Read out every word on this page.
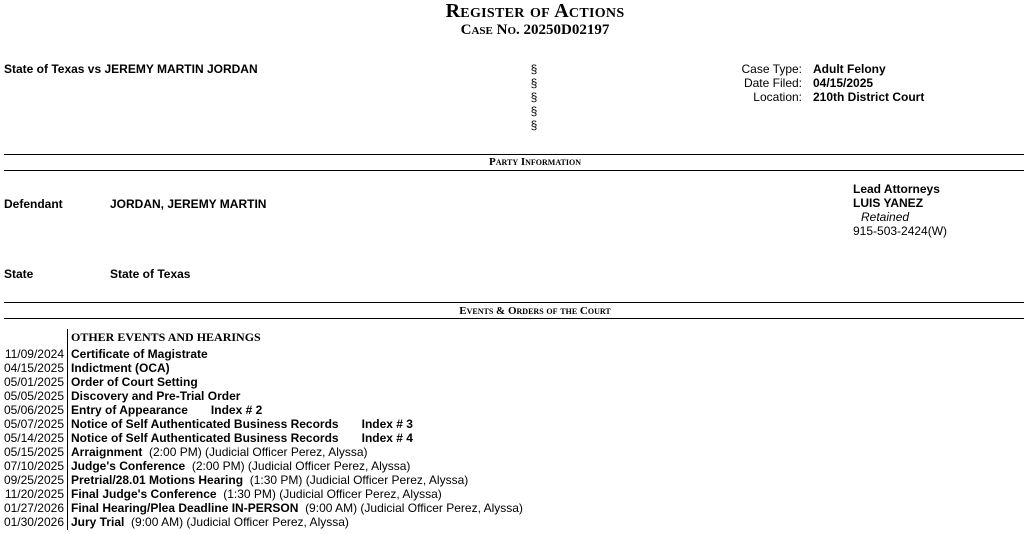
Register of Actions
Case No. 20250D02197
State of Texas vs JEREMY MARTIN JORDAN	§
§
§
§
§
Case Type: Adult Felony
Date Filed: 04/15/2025
Location: 210th District Court
Party Information
Defendant	JORDAN, JEREMY MARTIN
Lead Attorneys
LUIS YANEZ
Retained
915-503-2424(W)
State	State of Texas
Events & Orders of the Court
OTHER EVENTS AND HEARINGS
11/09/2024 Certificate of Magistrate
04/15/2025 Indictment (OCA)
05/01/2025 Order of Court Setting
05/05/2025 Discovery and Pre-Trial Order
05/06/2025 Entry of Appearance Index # 2
05/07/2025 Notice of Self Authenticated Business Records Index # 3
05/14/2025 Notice of Self Authenticated Business Records Index # 4
05/15/2025 Arraignment (2:00 PM) (Judicial Officer Perez, Alyssa)
07/10/2025 Judge's Conference (2:00 PM) (Judicial Officer Perez, Alyssa)
09/25/2025 Pretrial/28.01 Motions Hearing (1:30 PM) (Judicial Officer Perez, Alyssa)
11/20/2025 Final Judge's Conference (1:30 PM) (Judicial Officer Perez, Alyssa)
01/27/2026 Final Hearing/Plea Deadline IN-PERSON (9:00 AM) (Judicial Officer Perez, Alyssa)
01/30/2026 Jury Trial (9:00 AM) (Judicial Officer Perez, Alyssa)
